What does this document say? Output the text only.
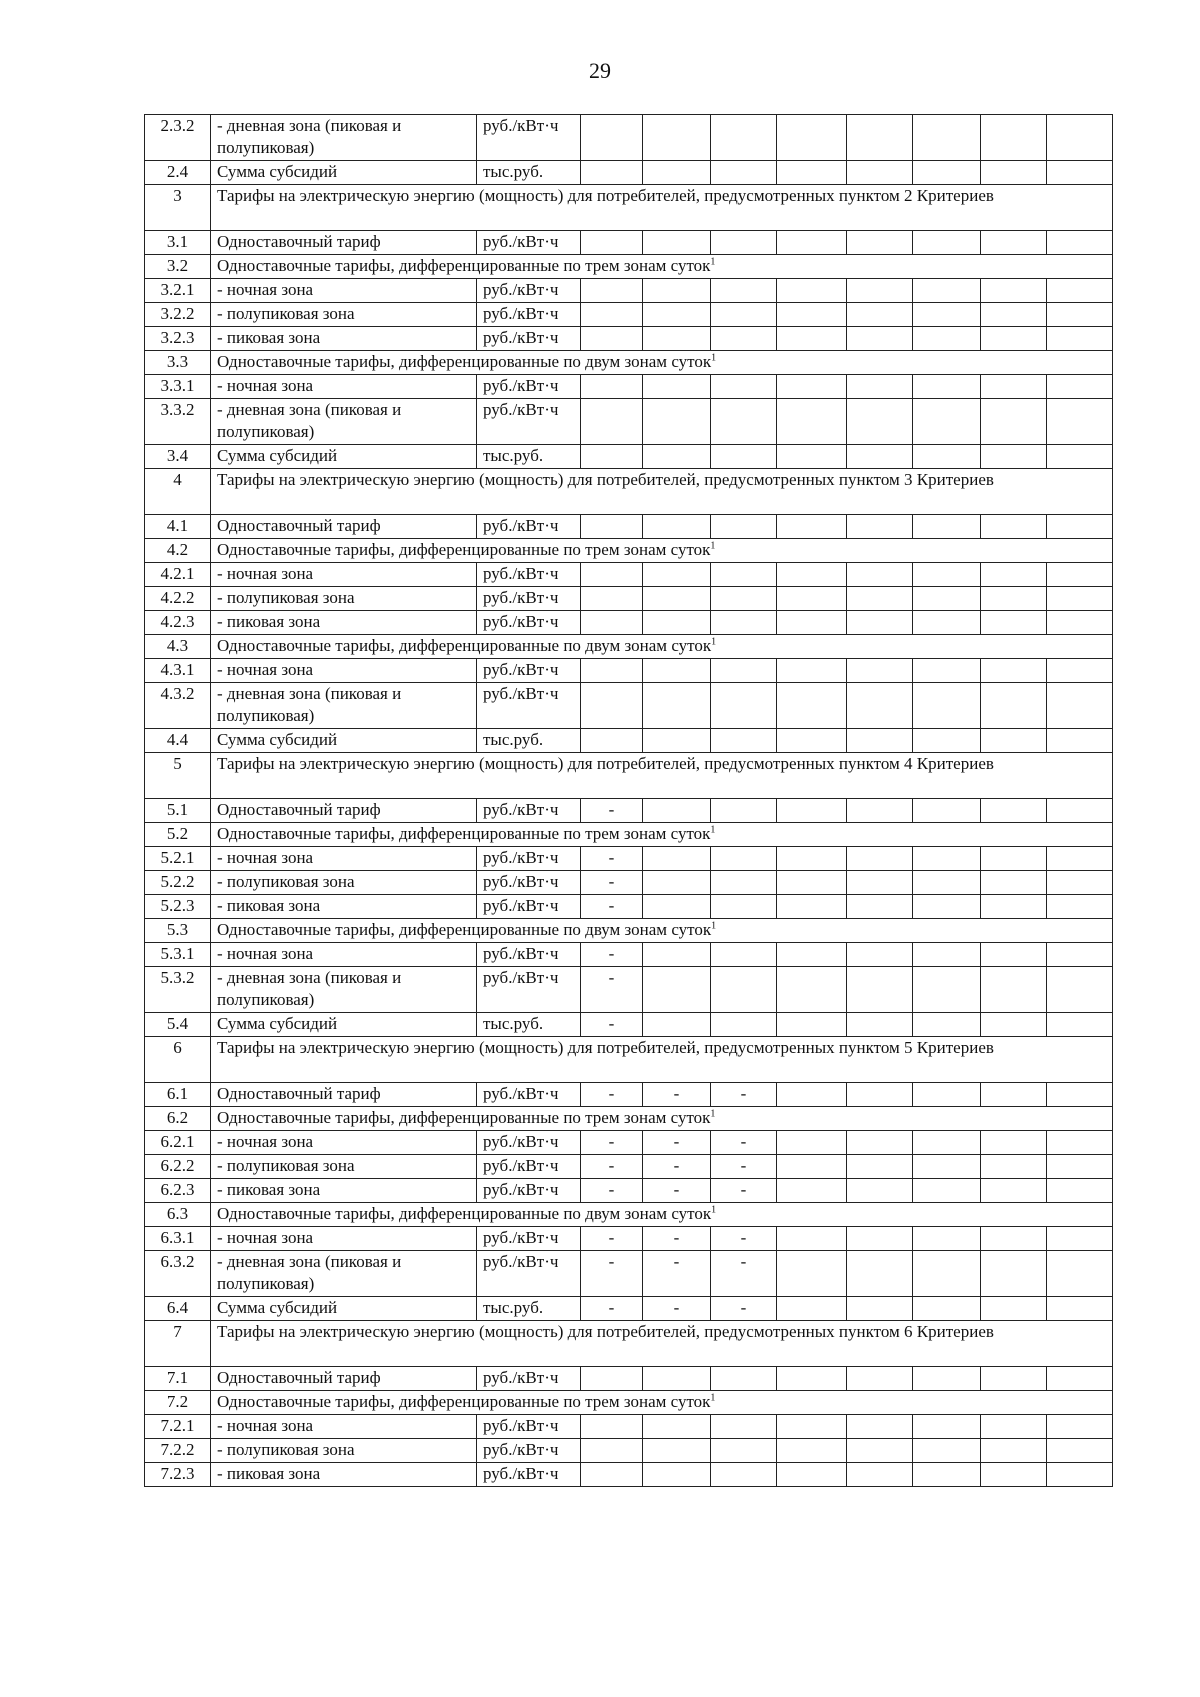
29
2.3.2	- дневная зона (пиковая и полупиковая)	руб./кВт·ч								
2.4	Сумма субсидий	тыс.руб.								
3	Тарифы на электрическую энергию (мощность) для потребителей, предусмотренных пунктом 2 Критериев									
3.1	Одноставочный тариф	руб./кВт·ч								
3.2	Одноставочные тарифы, дифференцированные по трем зонам суток$^1$
3.2.1	- ночная зона	руб./кВт·ч								
3.2.2	- полупиковая зона	руб./кВт·ч								
3.2.3	- пиковая зона	руб./кВт·ч								
3.3	Одноставочные тарифы, дифференцированные по двум зонам суток$^1$
3.3.1	- ночная зона	руб./кВт·ч								
3.3.2	- дневная зона (пиковая и полупиковая)	руб./кВт·ч								
3.4	Сумма субсидий	тыс.руб.								
4	Тарифы на электрическую энергию (мощность) для потребителей, предусмотренных пунктом 3 Критериев									
4.1	Одноставочный тариф	руб./кВт·ч								
4.2	Одноставочные тарифы, дифференцированные по трем зонам суток$^1$
4.2.1	- ночная зона	руб./кВт·ч								
4.2.2	- полупиковая зона	руб./кВт·ч								
4.2.3	- пиковая зона	руб./кВт·ч								
4.3	Одноставочные тарифы, дифференцированные по двум зонам суток$^1$
4.3.1	- ночная зона	руб./кВт·ч								
4.3.2	- дневная зона (пиковая и полупиковая)	руб./кВт·ч								
4.4	Сумма субсидий	тыс.руб.								
5	Тарифы на электрическую энергию (мощность) для потребителей, предусмотренных пунктом 4 Критериев									
5.1	Одноставочный тариф	руб./кВт·ч	-							
5.2	Одноставочные тарифы, дифференцированные по трем зонам суток$^1$
5.2.1	- ночная зона	руб./кВт·ч	-							
5.2.2	- полупиковая зона	руб./кВт·ч	-							
5.2.3	- пиковая зона	руб./кВт·ч	-							
5.3	Одноставочные тарифы, дифференцированные по двум зонам суток$^1$
5.3.1	- ночная зона	руб./кВт·ч	-							
5.3.2	- дневная зона (пиковая и полупиковая)	руб./кВт·ч	-							
5.4	Сумма субсидий	тыс.руб.	-							
6	Тарифы на электрическую энергию (мощность) для потребителей, предусмотренных пунктом 5 Критериев									
6.1	Одноставочный тариф	руб./кВт·ч	-	-	-					
6.2	Одноставочные тарифы, дифференцированные по трем зонам суток$^1$
6.2.1	- ночная зона	руб./кВт·ч	-	-	-					
6.2.2	- полупиковая зона	руб./кВт·ч	-	-	-					
6.2.3	- пиковая зона	руб./кВт·ч	-	-	-					
6.3	Одноставочные тарифы, дифференцированные по двум зонам суток$^1$
6.3.1	- ночная зона	руб./кВт·ч	-	-	-					
6.3.2	- дневная зона (пиковая и полупиковая)	руб./кВт·ч	-	-	-					
6.4	Сумма субсидий	тыс.руб.	-	-	-					
7	Тарифы на электрическую энергию (мощность) для потребителей, предусмотренных пунктом 6 Критериев									
7.1	Одноставочный тариф	руб./кВт·ч								
7.2	Одноставочные тарифы, дифференцированные по трем зонам суток$^1$
7.2.1	- ночная зона	руб./кВт·ч								
7.2.2	- полупиковая зона	руб./кВт·ч								
7.2.3	- пиковая зона	руб./кВт·ч								
